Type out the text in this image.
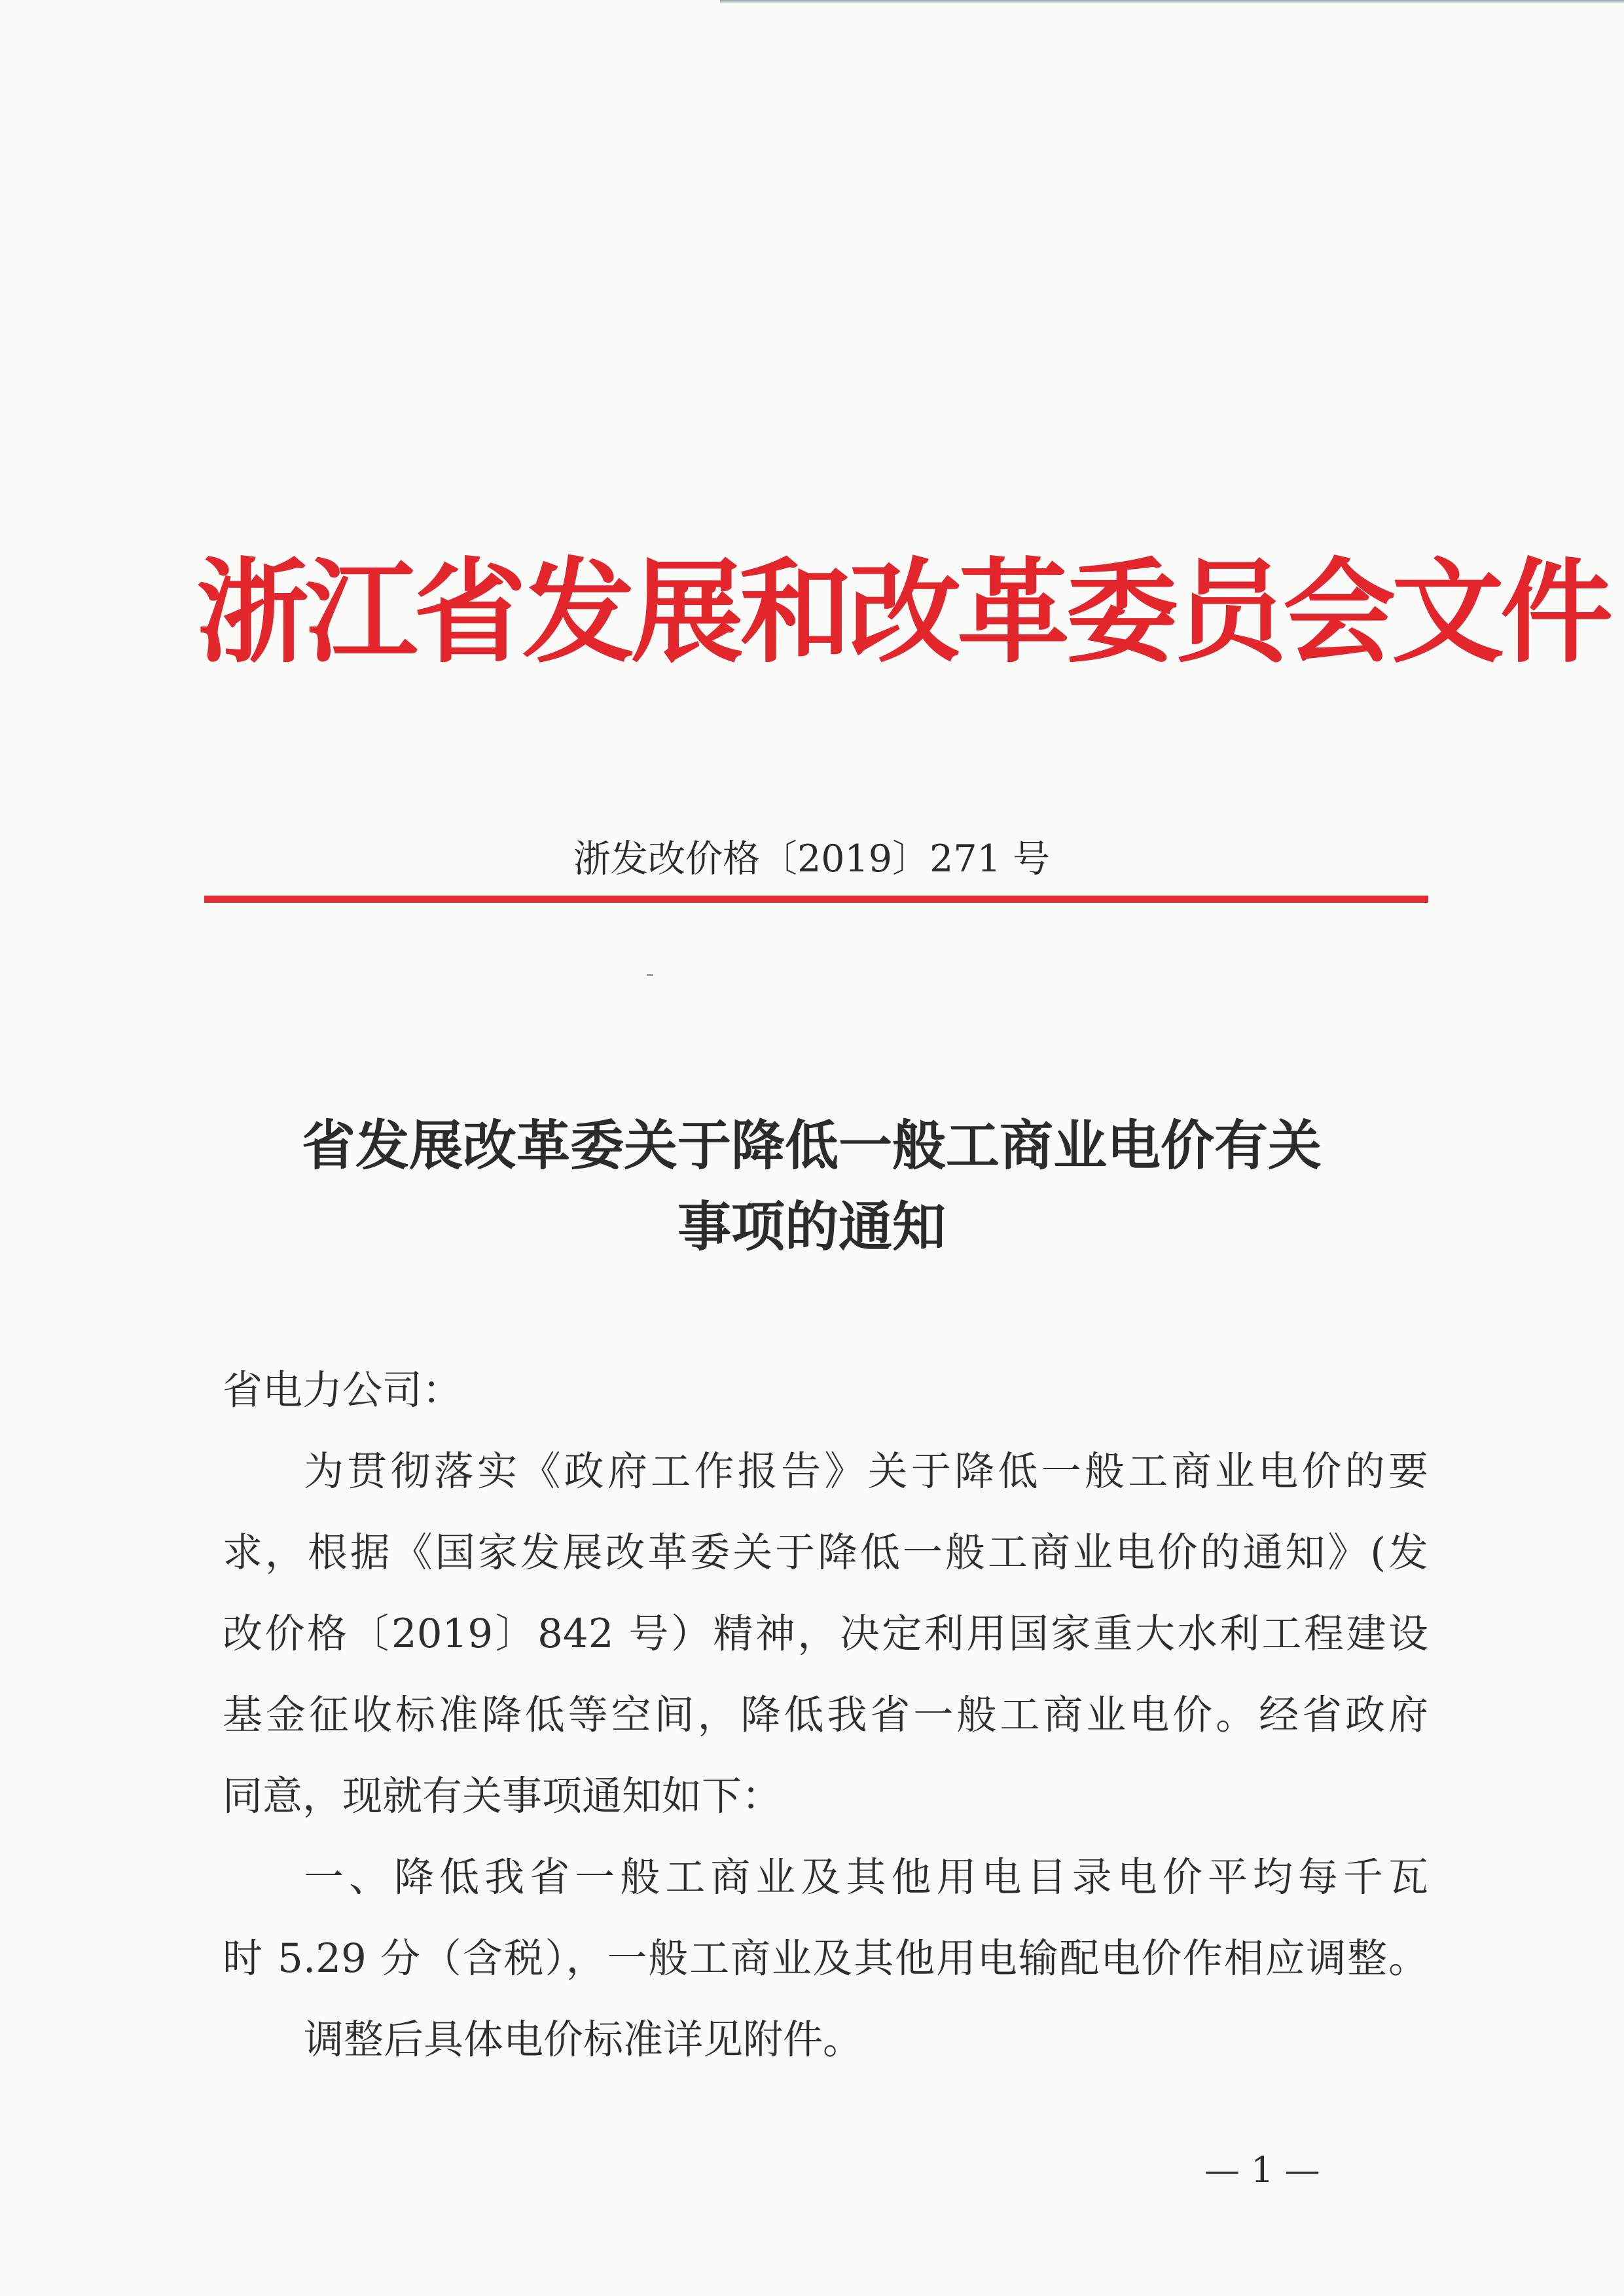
浙江省发展和改革委员会文件
浙发改价格〔2019〕271 号
省发展改革委关于降低一般工商业电价有关
事项的通知
省电力公司：
为贯彻落实《政府工作报告》关于降低一般工商业电价的要
求，根据《国家发展改革委关于降低一般工商业电价的通知》(发
改价格〔2019〕842 号）精神，决定利用国家重大水利工程建设
基金征收标准降低等空间，降低我省一般工商业电价。经省政府
同意，现就有关事项通知如下：
一、降低我省一般工商业及其他用电目录电价平均每千瓦
时 5.29 分（含税），一般工商业及其他用电输配电价作相应调整。
调整后具体电价标准详见附件。
— 1 —
